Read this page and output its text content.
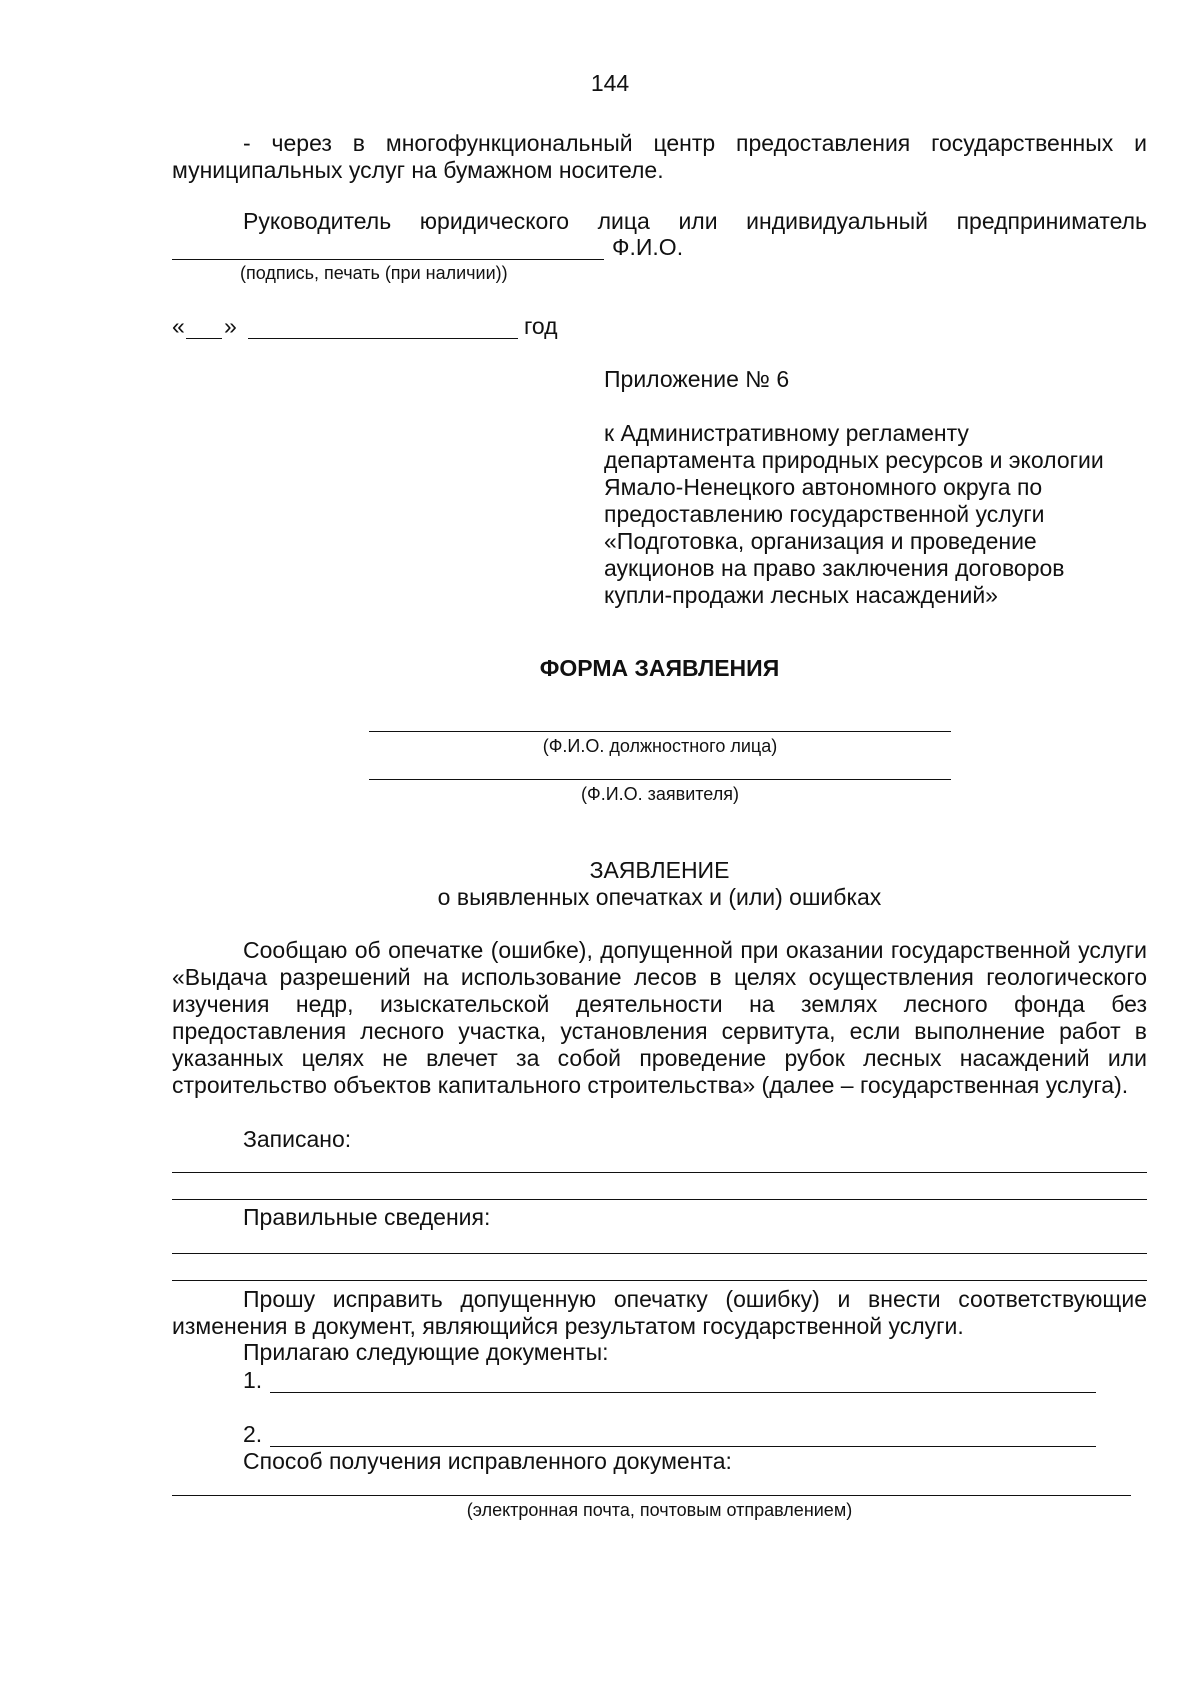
144
- через в многофункциональный центр предоставления государственных и муниципальных услуг на бумажном носителе.
Руководитель юридического лица или индивидуальный предприниматель
Ф.И.О.
(подпись, печать (при наличии))
« »	год
Приложение № 6
к Административному регламенту
департамента природных ресурсов и экологии
Ямало-Ненецкого автономного округа по
предоставлению государственной услуги
«Подготовка, организация и проведение
аукционов на право заключения договоров
купли-продажи лесных насаждений»
ФОРМА ЗАЯВЛЕНИЯ
(Ф.И.О. должностного лица)
(Ф.И.О. заявителя)
ЗАЯВЛЕНИЕ
о выявленных опечатках и (или) ошибках
Сообщаю об опечатке (ошибке), допущенной при оказании государственной услуги «Выдача разрешений на использование лесов в целях осуществления геологического изучения недр, изыскательской деятельности на землях лесного фонда без предоставления лесного участка, установления сервитута, если выполнение работ в указанных целях не влечет за собой проведение рубок лесных насаждений или строительство объектов капитального строительства» (далее – государственная услуга).
Записано:
Правильные сведения:
Прошу исправить допущенную опечатку (ошибку) и внести соответствующие изменения в документ, являющийся результатом государственной услуги.
Прилагаю следующие документы:
1.
2.
Способ получения исправленного документа:
(электронная почта, почтовым отправлением)
